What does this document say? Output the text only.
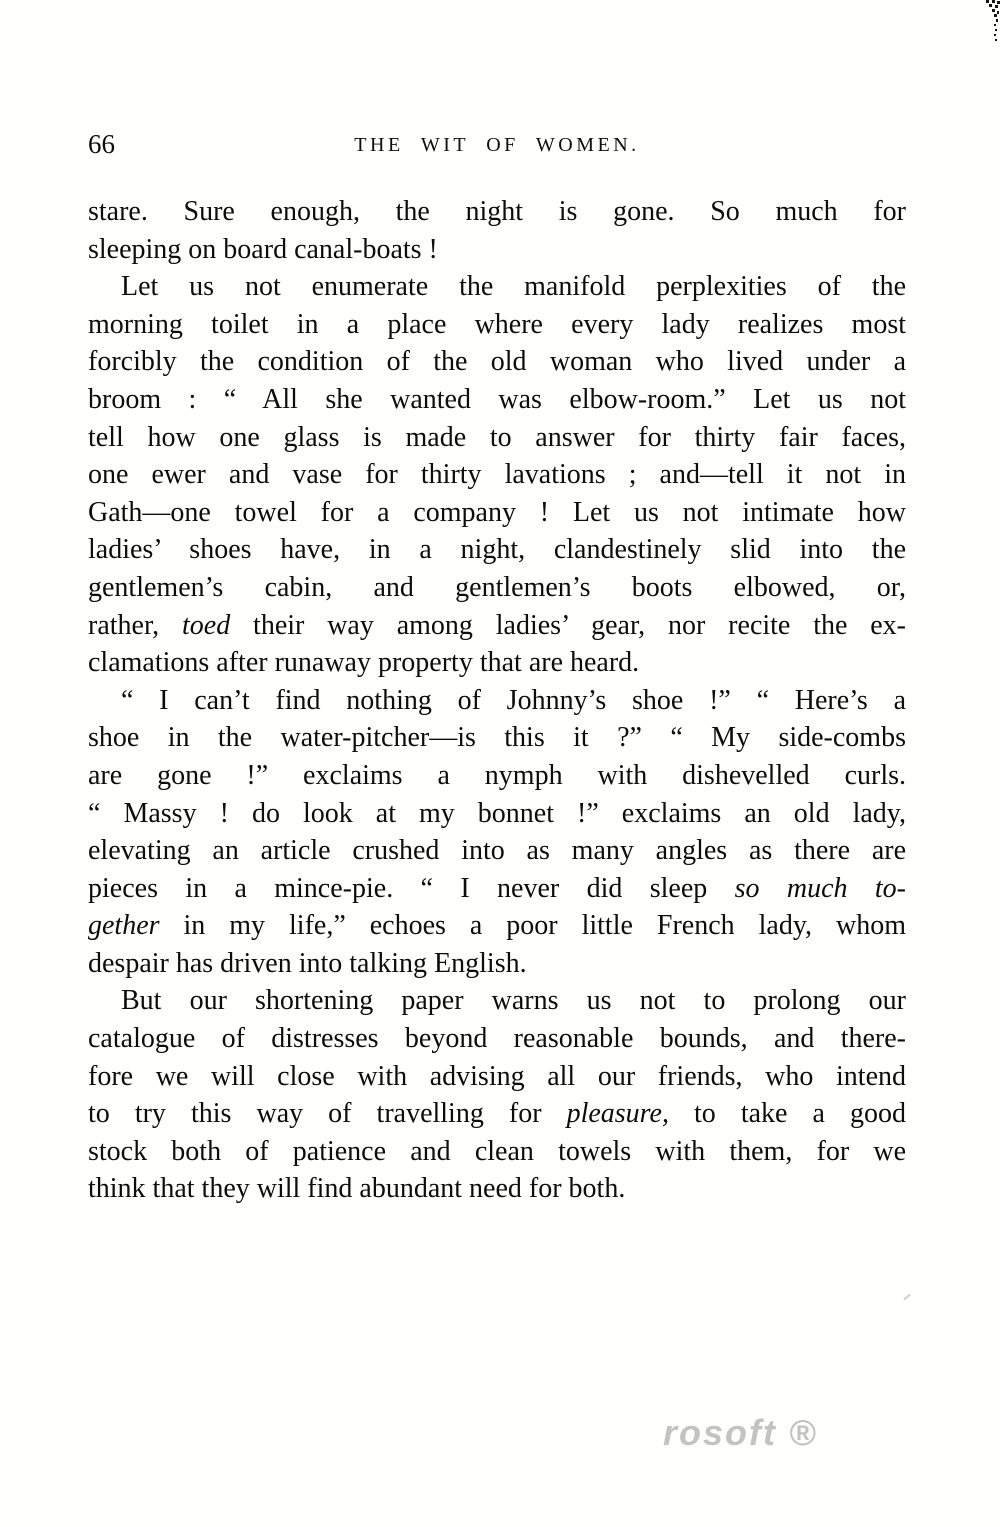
66	THE WIT OF WOMEN.
stare. Sure enough, the night is gone. So much for
sleeping on board canal-boats !
Let us not enumerate the manifold perplexities of the
morning toilet in a place where every lady realizes most
forcibly the condition of the old woman who lived under a
broom : “ All she wanted was elbow-room.” Let us not
tell how one glass is made to answer for thirty fair faces,
one ewer and vase for thirty lavations ; and—tell it not in
Gath—one towel for a company ! Let us not intimate how
ladies’ shoes have, in a night, clandestinely slid into the
gentlemen’s cabin, and gentlemen’s boots elbowed, or,
rather, toed their way among ladies’ gear, nor recite the ex-
clamations after runaway property that are heard.
“ I can’t find nothing of Johnny’s shoe !” “ Here’s a
shoe in the water-pitcher—is this it ?” “ My side-combs
are gone !” exclaims a nymph with dishevelled curls.
“ Massy ! do look at my bonnet !” exclaims an old lady,
elevating an article crushed into as many angles as there are
pieces in a mince-pie. “ I never did sleep so much to-
gether in my life,” echoes a poor little French lady, whom
despair has driven into talking English.
But our shortening paper warns us not to prolong our
catalogue of distresses beyond reasonable bounds, and there-
fore we will close with advising all our friends, who intend
to try this way of travelling for pleasure, to take a good
stock both of patience and clean towels with them, for we
think that they will find abundant need for both.
rosoft ®
